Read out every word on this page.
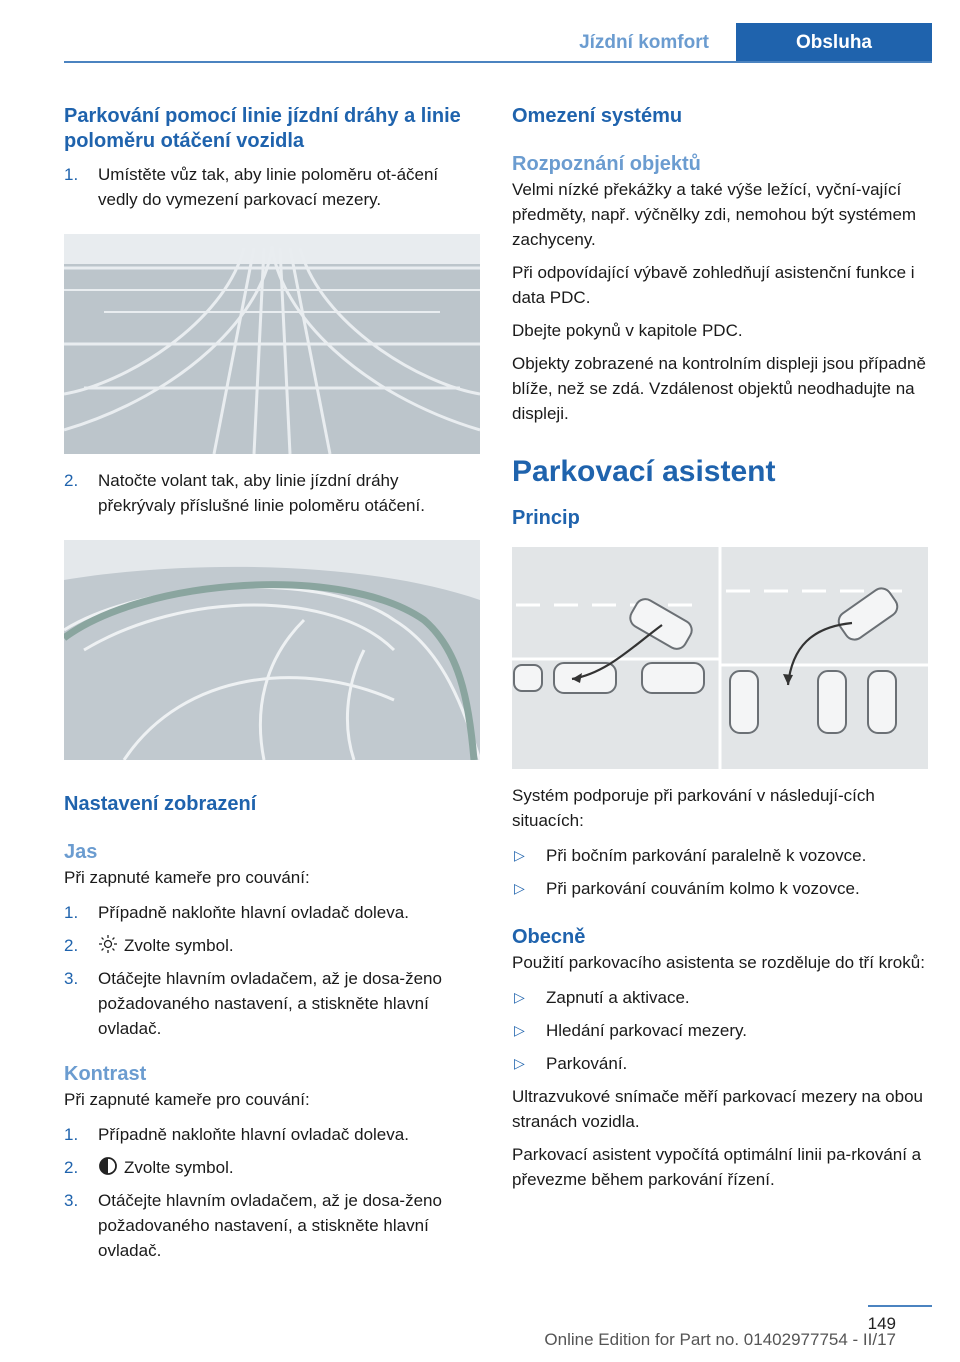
Jízdní komfort	Obsluha
Parkování pomocí linie jízdní dráhy a linie poloměru otáčení vozidla
1. Umístěte vůz tak, aby linie poloměru ot‐áčení vedly do vymezení parkovací mezery.
2. Natočte volant tak, aby linie jízdní dráhy překrývaly příslušné linie poloměru otáčení.
Nastavení zobrazení
Jas

Při zapnuté kameře pro couvání:

1. Případně nakloňte hlavní ovladač doleva.
2.	Zvolte symbol.
3. Otáčejte hlavním ovladačem, až je dosa‐ženo požadovaného nastavení, a stiskněte hlavní ovladač.
Kontrast

Při zapnuté kameře pro couvání:

1. Případně nakloňte hlavní ovladač doleva.
2.	Zvolte symbol.
3. Otáčejte hlavním ovladačem, až je dosa‐ženo požadovaného nastavení, a stiskněte hlavní ovladač.
Omezení systému
Rozpoznání objektů

Velmi nízké překážky a také výše ležící, vyční‐vající předměty, např. výčnělky zdi, nemohou být systémem zachyceny.

Při odpovídající výbavě zohledňují asistenční funkce i data PDC.

Dbejte pokynů v kapitole PDC.

Objekty zobrazené na kontrolním displeji jsou případně blíže, než se zdá. Vzdálenost objektů neodhadujte na displeji.

Parkovací asistent
Princip

Systém podporuje při parkování v následují‐cích situacích:

▷ Při bočním parkování paralelně k vozovce.
▷ Při parkování couváním kolmo k vozovce.
Obecně

Použití parkovacího asistenta se rozděluje do tří kroků:

▷ Zapnutí a aktivace.
▷ Hledání parkovací mezery.
▷ Parkování.

Ultrazvukové snímače měří parkovací mezery na obou stranách vozidla.

Parkovací asistent vypočítá optimální linii pa‐rkování a převezme během parkování řízení.

149
Online Edition for Part no. 01402977754 - II/17
